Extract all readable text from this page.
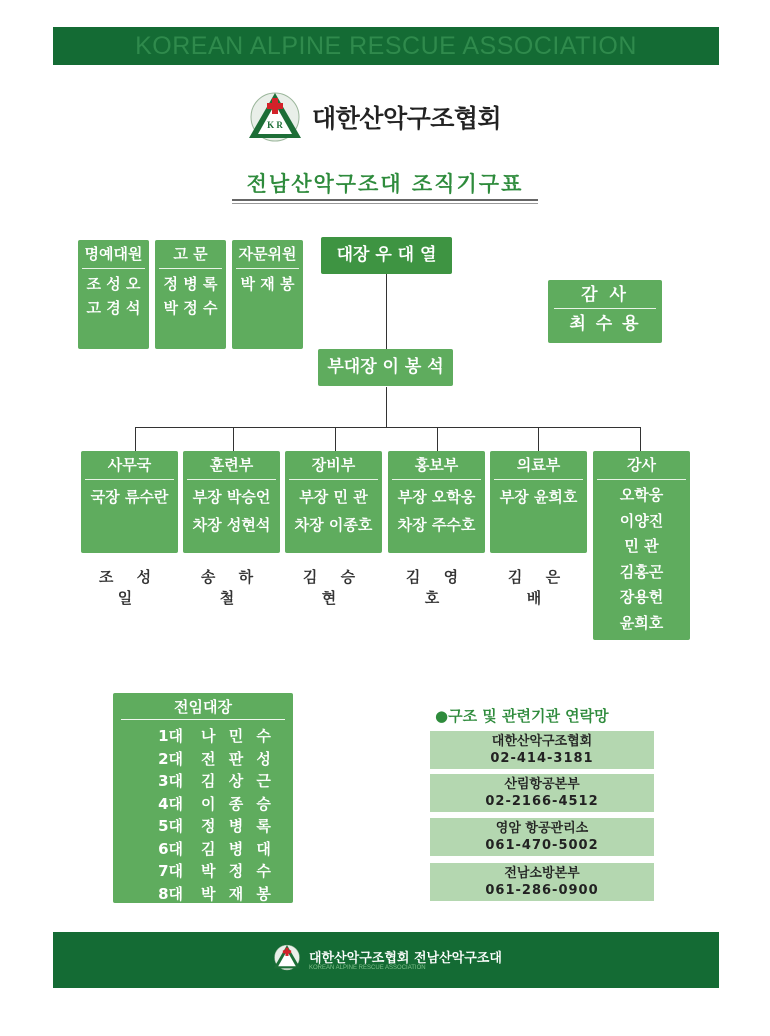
KOREAN ALPINE RESCUE ASSOCIATION
K R 대한산악구조협회
전남산악구조대 조직기구표
명예대원
조 성 오
고 경 석
고 문
정 병 록
박 정 수
자문위원
박 재 봉
대장 우 대 열
감 사
최 수 용
부대장 이 봉 석
사무국
국장 류수란
훈련부
부장 박승언
차장 성현석
장비부
부장 민 관
차장 이종호
홍보부
부장 오학웅
차장 주수호
의료부
부장 윤희호
강사
오학웅
이양진
민 관
김홍곤
장용헌
윤희호
조 성 일
송 하 철
김 승 현
김 영 호
김 은 배
전임대장
1대 나 민 수
2대 전 판 성
3대 김 상 근
4대 이 종 승
5대 정 병 록
6대 김 병 대
7대 박 정 수
8대 박 재 봉
●구조 및 관련기관 연락망
대한산악구조협회
02-414-3181
산림항공본부
02-2166-4512
영암 항공관리소
061-470-5002
전남소방본부
061-286-0900
대한산악구조협회 전남산악구조대
KOREAN ALPINE RESCUE ASSOCIATION
